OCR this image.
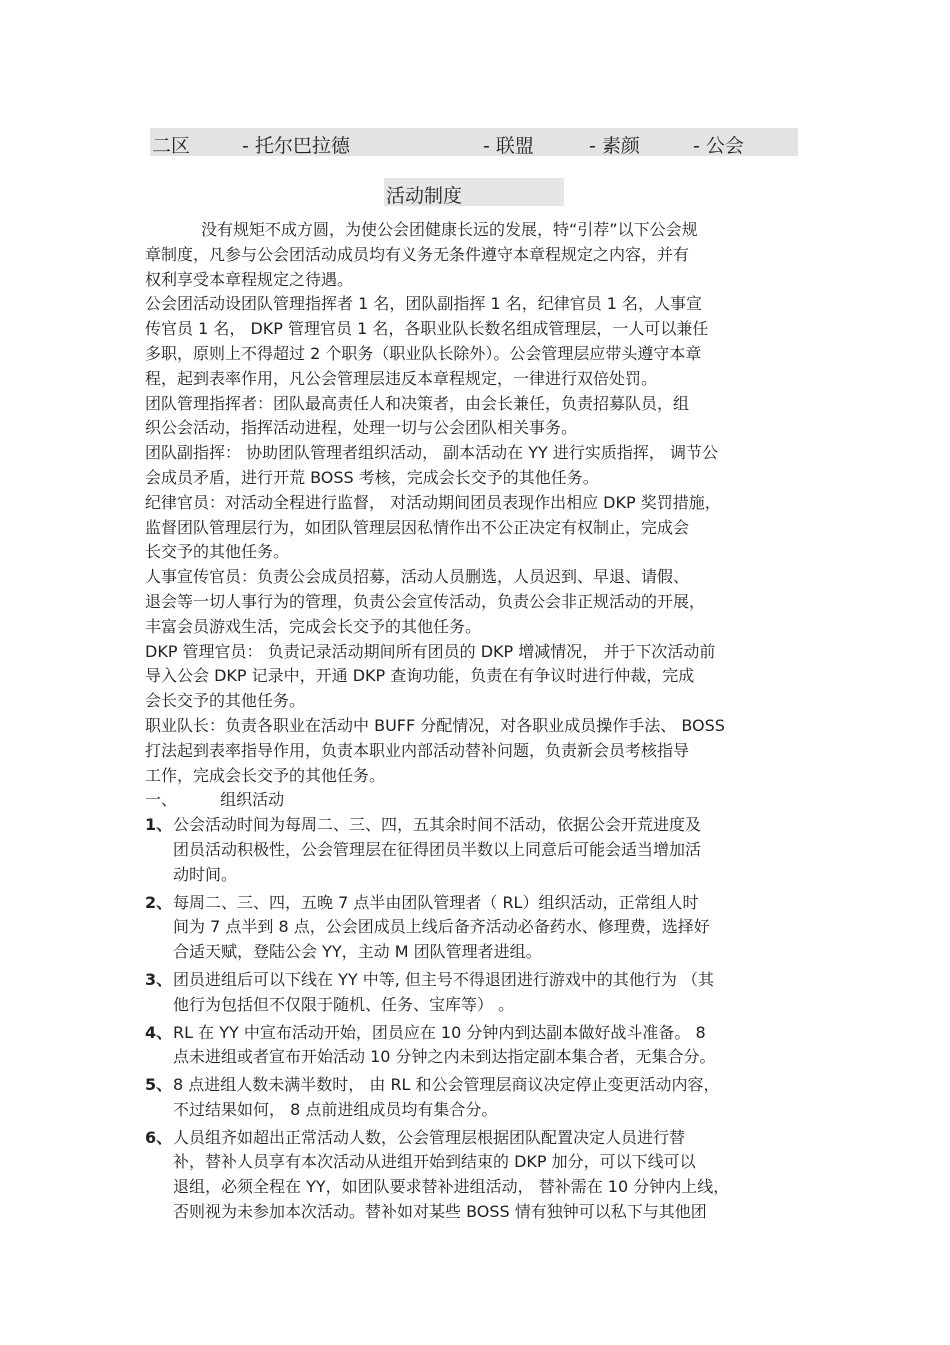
二区	- 托尔巴拉德	- 联盟	- 素颜	- 公会
活动制度
没有规矩不成方圆，为使公会团健康长远的发展，特“引荐”以下公会规
章制度，凡参与公会团活动成员均有义务无条件遵守本章程规定之内容，并有
权利享受本章程规定之待遇。
公会团活动设团队管理指挥者 1 名，团队副指挥 1 名，纪律官员 1 名，人事宣
传官员 1 名， DKP 管理官员 1 名，各职业队长数名组成管理层，一人可以兼任
多职，原则上不得超过 2 个职务（职业队长除外）。公会管理层应带头遵守本章
程，起到表率作用，凡公会管理层违反本章程规定，一律进行双倍处罚。
团队管理指挥者：团队最高责任人和决策者，由会长兼任，负责招募队员，组
织公会活动，指挥活动进程，处理一切与公会团队相关事务。
团队副指挥： 协助团队管理者组织活动， 副本活动在 YY 进行实质指挥， 调节公
会成员矛盾，进行开荒 BOSS 考核，完成会长交予的其他任务。
纪律官员：对活动全程进行监督， 对活动期间团员表现作出相应 DKP 奖罚措施，
监督团队管理层行为，如团队管理层因私情作出不公正决定有权制止，完成会
长交予的其他任务。
人事宣传官员：负责公会成员招募，活动人员删选，人员迟到、早退、请假、
退会等一切人事行为的管理，负责公会宣传活动，负责公会非正规活动的开展，
丰富会员游戏生活，完成会长交予的其他任务。
DKP 管理官员： 负责记录活动期间所有团员的 DKP 增减情况， 并于下次活动前
导入公会 DKP 记录中，开通 DKP 查询功能，负责在有争议时进行仲裁，完成
会长交予的其他任务。
职业队长：负责各职业在活动中 BUFF 分配情况，对各职业成员操作手法、 BOSS
打法起到表率指导作用，负责本职业内部活动替补问题，负责新会员考核指导
工作，完成会长交予的其他任务。
一、	组织活动
1、公会活动时间为每周二、三、四，五其余时间不活动，依据公会开荒进度及
团员活动积极性，公会管理层在征得团员半数以上同意后可能会适当增加活
动时间。
2、每周二、三、四，五晚 7 点半由团队管理者（ RL）组织活动，正常组人时
间为 7 点半到 8 点，公会团成员上线后备齐活动必备药水、修理费，选择好
合适天赋，登陆公会 YY，主动 M 团队管理者进组。
3、团员进组后可以下线在 YY 中等, 但主号不得退团进行游戏中的其他行为 （其
他行为包括但不仅限于随机、任务、宝库等） 。
4、RL 在 YY 中宣布活动开始，团员应在 10 分钟内到达副本做好战斗准备。 8
点未进组或者宣布开始活动 10 分钟之内未到达指定副本集合者，无集合分。
5、8 点进组人数未满半数时， 由 RL 和公会管理层商议决定停止变更活动内容，
不过结果如何， 8 点前进组成员均有集合分。
6、人员组齐如超出正常活动人数，公会管理层根据团队配置决定人员进行替
补，替补人员享有本次活动从进组开始到结束的 DKP 加分，可以下线可以
退组，必须全程在 YY，如团队要求替补进组活动， 替补需在 10 分钟内上线，
否则视为未参加本次活动。替补如对某些 BOSS 情有独钟可以私下与其他团
